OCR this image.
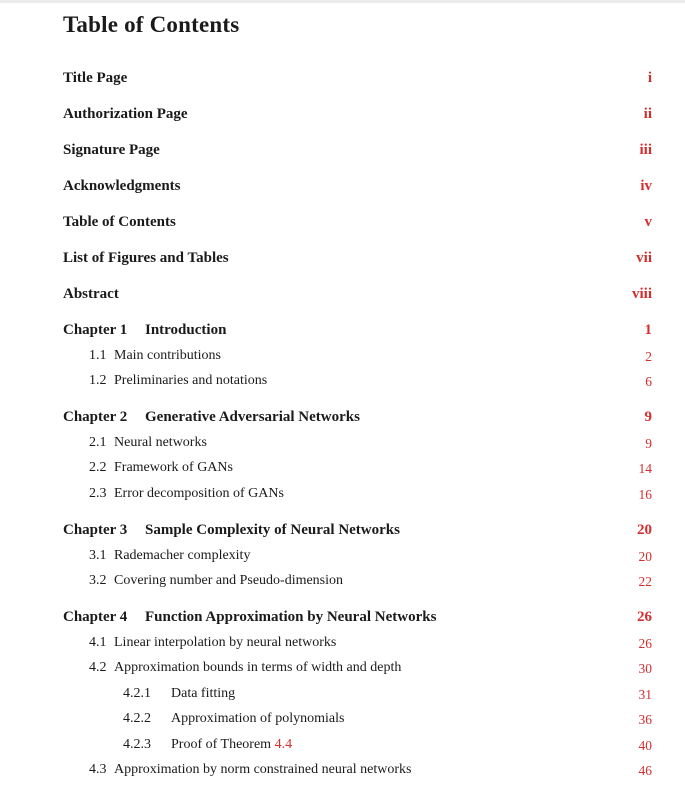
Table of Contents
Title Page	i
Authorization Page	ii
Signature Page	iii
Acknowledgments	iv
Table of Contents	v
List of Figures and Tables	vii
Abstract	viii
Chapter 1 Introduction	1
1.1 Main contributions	2
1.2 Preliminaries and notations	6
Chapter 2 Generative Adversarial Networks	9
2.1 Neural networks	9
2.2 Framework of GANs	14
2.3 Error decomposition of GANs	16
Chapter 3 Sample Complexity of Neural Networks	20
3.1 Rademacher complexity	20
3.2 Covering number and Pseudo-dimension	22
Chapter 4 Function Approximation by Neural Networks	26
4.1 Linear interpolation by neural networks	26
4.2 Approximation bounds in terms of width and depth	30
4.2.1 Data fitting	31
4.2.2 Approximation of polynomials	36
4.2.3 Proof of Theorem 4.4	40
4.3 Approximation by norm constrained neural networks	46
